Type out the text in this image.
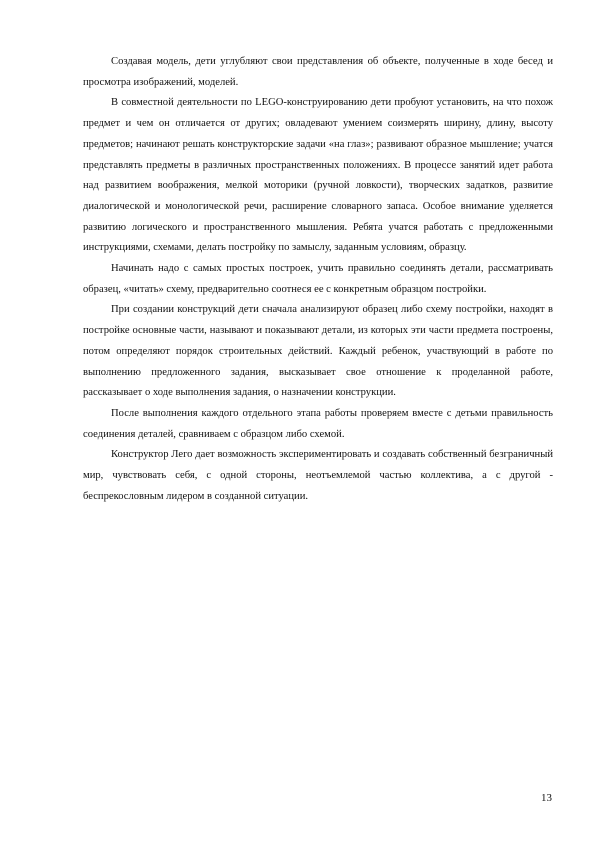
Создавая модель, дети углубляют свои представления об объекте, полученные в ходе бесед и просмотра изображений, моделей.

В совместной деятельности по LEGO-конструированию дети пробуют установить, на что похож предмет и чем он отличается от других; овладевают умением соизмерять ширину, длину, высоту предметов; начинают решать конструкторские задачи «на глаз»; развивают образное мышление; учатся представлять предметы в различных пространственных положениях. В процессе занятий идет работа над развитием воображения, мелкой моторики (ручной ловкости), творческих задатков, развитие диалогической и монологической речи, расширение словарного запаса. Особое внимание уделяется развитию логического и пространственного мышления. Ребята учатся работать с предложенными инструкциями, схемами, делать постройку по замыслу, заданным условиям, образцу.

Начинать надо с самых простых построек, учить правильно соединять детали, рассматривать образец, «читать» схему, предварительно соотнеся ее с конкретным образцом постройки.

При создании конструкций дети сначала анализируют образец либо схему постройки, находят в постройке основные части, называют и показывают детали, из которых эти части предмета построены, потом определяют порядок строительных действий. Каждый ребенок, участвующий в работе по выполнению предложенного задания, высказывает свое отношение к проделанной работе, рассказывает о ходе выполнения задания, о назначении конструкции.

После выполнения каждого отдельного этапа работы проверяем вместе с детьми правильность соединения деталей, сравниваем с образцом либо схемой.

Конструктор Лего дает возможность экспериментировать и создавать собственный безграничный мир, чувствовать себя, с одной стороны, неотъемлемой частью коллектива, а с другой - беспрекословным лидером в созданной ситуации.

13
